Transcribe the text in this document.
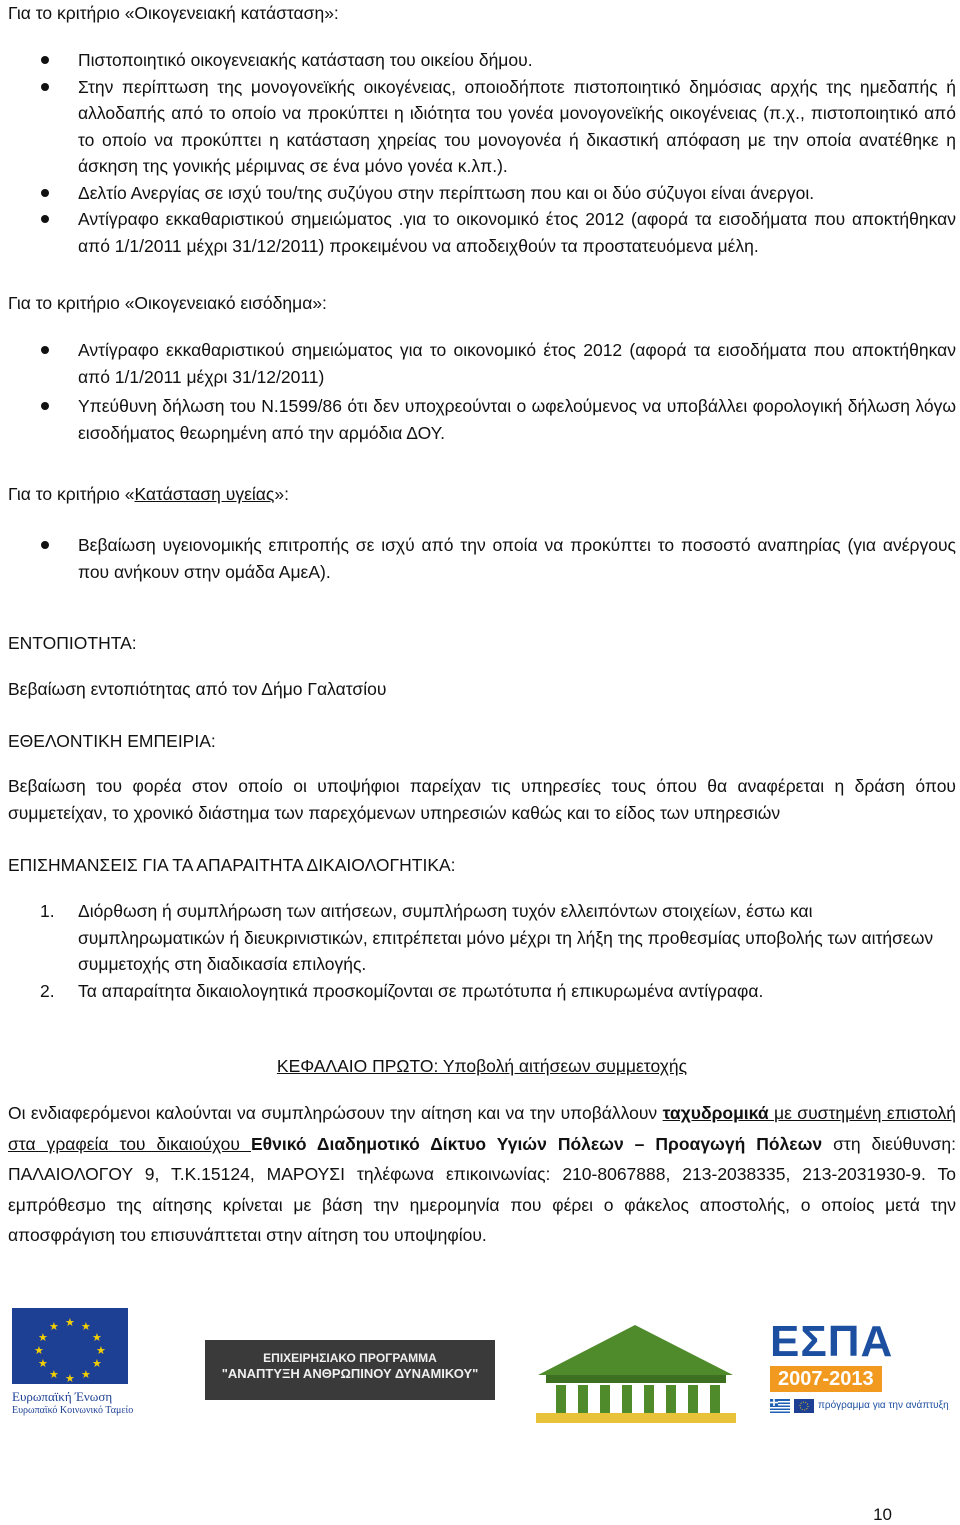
Για το κριτήριο «Οικογενειακή κατάσταση»:

Πιστοποιητικό οικογενειακής κατάσταση του οικείου δήμου.
Στην περίπτωση της μονογονεϊκής οικογένειας, οποιοδήποτε πιστοποιητικό δημόσιας αρχής της ημεδαπής ή αλλοδαπής από το οποίο να προκύπτει η ιδιότητα του γονέα μονογονεϊκής οικογένειας (π.χ., πιστοποιητικό από το οποίο να προκύπτει η κατάσταση χηρείας του μονογονέα ή δικαστική απόφαση με την οποία ανατέθηκε η άσκηση της γονικής μέριμνας σε ένα μόνο γονέα κ.λπ.).
Δελτίο Ανεργίας σε ισχύ του/της συζύγου στην περίπτωση που και οι δύο σύζυγοι είναι άνεργοι.
Αντίγραφο εκκαθαριστικού σημειώματος .για το οικονομικό έτος 2012 (αφορά τα εισοδήματα που αποκτήθηκαν από 1/1/2011 μέχρι 31/12/2011) προκειμένου να αποδειχθούν τα προστατευόμενα μέλη.

Για το κριτήριο «Οικογενειακό εισόδημα»:

Αντίγραφο εκκαθαριστικού σημειώματος για το οικονομικό έτος 2012 (αφορά τα εισοδήματα που αποκτήθηκαν από 1/1/2011 μέχρι 31/12/2011)
Υπεύθυνη δήλωση του Ν.1599/86 ότι δεν υποχρεούνται ο ωφελούμενος να υποβάλλει φορολογική δήλωση λόγω εισοδήματος θεωρημένη από την αρμόδια ΔΟΥ.

Για το κριτήριο «Κατάσταση υγείας»:

Βεβαίωση υγειονομικής επιτροπής σε ισχύ από την οποία να προκύπτει το ποσοστό αναπηρίας (για ανέργους που ανήκουν στην ομάδα ΑμεΑ).

ΕΝΤΟΠΙΟΤΗΤΑ:

Βεβαίωση εντοπιότητας από τον Δήμο Γαλατσίου

ΕΘΕΛΟΝΤΙΚΗ ΕΜΠΕΙΡΙΑ:

Βεβαίωση του φορέα στον οποίο οι υποψήφιοι παρείχαν τις υπηρεσίες τους όπου θα αναφέρεται η δράση όπου συμμετείχαν, το χρονικό διάστημα των παρεχόμενων υπηρεσιών καθώς και το είδος των υπηρεσιών

ΕΠΙΣΗΜΑΝΣΕΙΣ ΓΙΑ ΤΑ ΑΠΑΡΑΙΤΗΤΑ ΔΙΚΑΙΟΛΟΓΗΤΙΚΑ:

1. Διόρθωση ή συμπλήρωση των αιτήσεων, συμπλήρωση τυχόν ελλειπόντων στοιχείων, έστω και συμπληρωματικών ή διευκρινιστικών, επιτρέπεται μόνο μέχρι τη λήξη της προθεσμίας υποβολής των αιτήσεων συμμετοχής στη διαδικασία επιλογής.
2. Τα απαραίτητα δικαιολογητικά προσκομίζονται σε πρωτότυπα ή επικυρωμένα αντίγραφα.

ΚΕΦΑΛΑΙΟ ΠΡΩΤΟ: Υποβολή αιτήσεων συμμετοχής

Οι ενδιαφερόμενοι καλούνται να συμπληρώσουν την αίτηση και να την υποβάλλουν ταχυδρομικά με συστημένη επιστολή στα γραφεία του δικαιούχου Εθνικό Διαδημοτικό Δίκτυο Υγιών Πόλεων – Προαγωγή Πόλεων στη διεύθυνση: ΠΑΛΑΙΟΛΟΓΟΥ 9, Τ.Κ.15124, ΜΑΡΟΥΣΙ τηλέφωνα επικοινωνίας: 210-8067888, 213-2038335, 213-2031930-9. Το εμπρόθεσμο της αίτησης κρίνεται με βάση την ημερομηνία που φέρει ο φάκελος αποστολής, ο οποίος μετά την αποσφράγιση του επισυνάπτεται στην αίτηση του υποψηφίου.

★ ★
★
★
★
★
★
★
★
★
★
★
Ευρωπαϊκή Ένωση
Ευρωπαϊκό Κοινωνικό Ταμείο
ΕΠΙΧΕΙΡΗΣΙΑΚΟ ΠΡΟΓΡΑΜΜΑ
"ΑΝΑΠΤΥΞΗ ΑΝΘΡΩΠΙΝΟΥ ΔΥΝΑΜΙΚΟΥ"
ΕΣΠΑ
2007-2013
πρόγραμμα για την ανάπτυξη
10
